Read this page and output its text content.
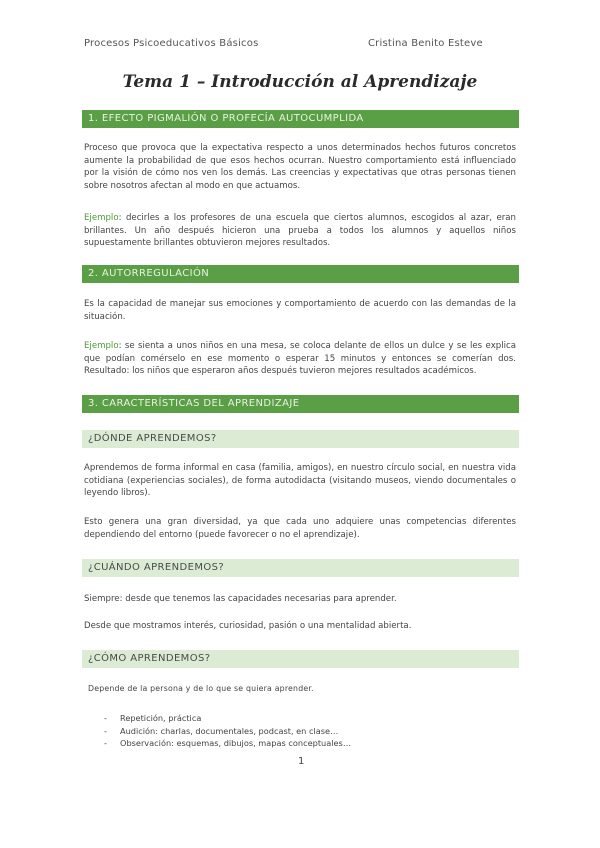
Procesos Psicoeducativos Básicos	Cristina Benito Esteve
Tema 1 – Introducción al Aprendizaje
1. EFECTO PIGMALIÓN O PROFECÍA AUTOCUMPLIDA
Proceso que provoca que la expectativa respecto a unos determinados hechos futuros concretos aumente la probabilidad de que esos hechos ocurran. Nuestro comportamiento está influenciado por la visión de cómo nos ven los demás. Las creencias y expectativas que otras personas tienen sobre nosotros afectan al modo en que actuamos.
Ejemplo: decirles a los profesores de una escuela que ciertos alumnos, escogidos al azar, eran brillantes. Un año después hicieron una prueba a todos los alumnos y aquellos niños supuestamente brillantes obtuvieron mejores resultados.
2. AUTORREGULACIÓN
Es la capacidad de manejar sus emociones y comportamiento de acuerdo con las demandas de la situación.
Ejemplo: se sienta a unos niños en una mesa, se coloca delante de ellos un dulce y se les explica que podían comérselo en ese momento o esperar 15 minutos y entonces se comerían dos. Resultado: los niños que esperaron años después tuvieron mejores resultados académicos.
3. CARACTERÍSTICAS DEL APRENDIZAJE
¿DÓNDE APRENDEMOS?
Aprendemos de forma informal en casa (familia, amigos), en nuestro círculo social, en nuestra vida cotidiana (experiencias sociales), de forma autodidacta (visitando museos, viendo documentales o leyendo libros).
Esto genera una gran diversidad, ya que cada uno adquiere unas competencias diferentes dependiendo del entorno (puede favorecer o no el aprendizaje).
¿CUÁNDO APRENDEMOS?
Siempre: desde que tenemos las capacidades necesarias para aprender.
Desde que mostramos interés, curiosidad, pasión o una mentalidad abierta.
¿CÓMO APRENDEMOS?
Depende de la persona y de lo que se quiera aprender.
- Repetición, práctica
- Audición: charlas, documentales, podcast, en clase…
- Observación: esquemas, dibujos, mapas conceptuales…
1
